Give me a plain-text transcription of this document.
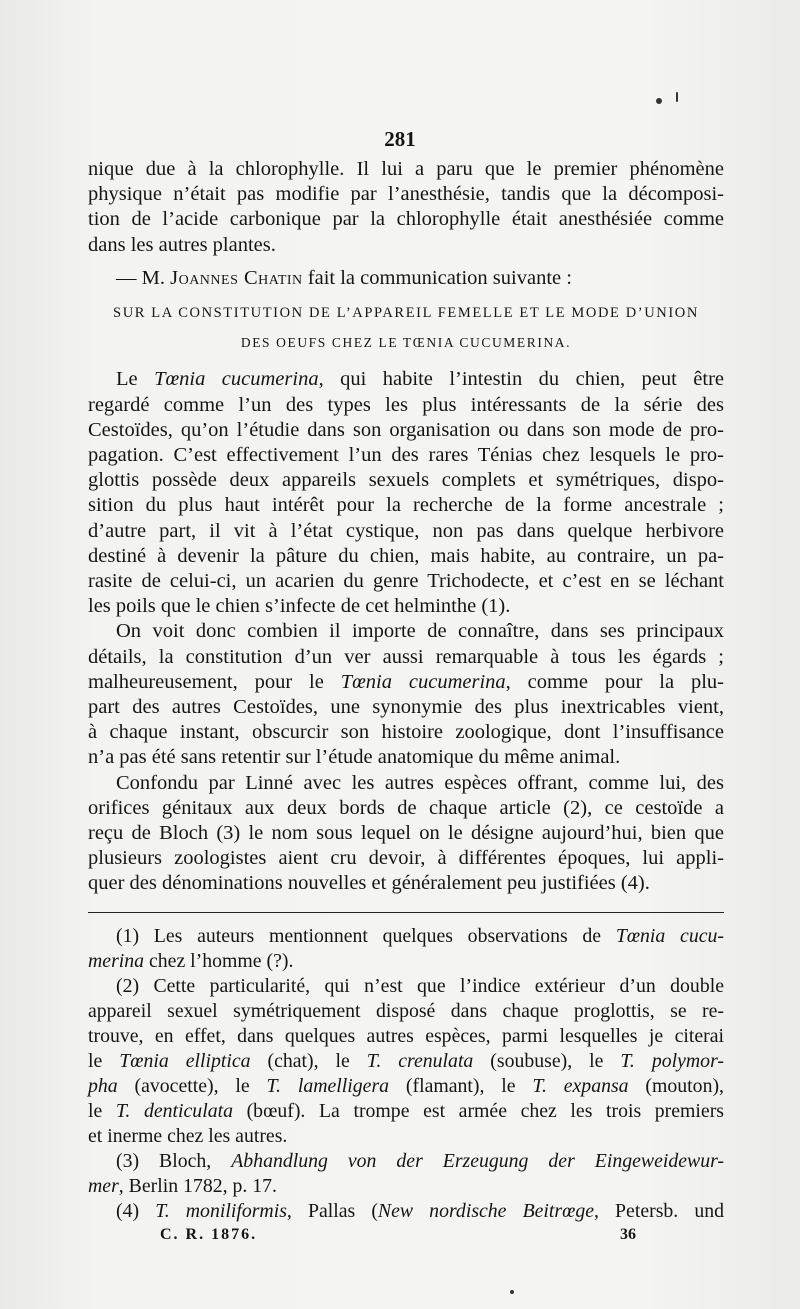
281
nique due à la chlorophylle. Il lui a paru que le premier phénomène
physique n’était pas modifie par l’anesthésie, tandis que la décomposi-
tion de l’acide carbonique par la chlorophylle était anesthésiée comme
dans les autres plantes.
— M. Joannes Chatin fait la communication suivante :
SUR LA CONSTITUTION DE L’APPAREIL FEMELLE ET LE MODE D’UNION
DES OEUFS CHEZ LE TŒNIA CUCUMERINA.
Le Tœnia cucumerina, qui habite l’intestin du chien, peut être
regardé comme l’un des types les plus intéressants de la série des
Cestoïdes, qu’on l’étudie dans son organisation ou dans son mode de pro-
pagation. C’est effectivement l’un des rares Ténias chez lesquels le pro-
glottis possède deux appareils sexuels complets et symétriques, dispo-
sition du plus haut intérêt pour la recherche de la forme ancestrale ;
d’autre part, il vit à l’état cystique, non pas dans quelque herbivore
destiné à devenir la pâture du chien, mais habite, au contraire, un pa-
rasite de celui-ci, un acarien du genre Trichodecte, et c’est en se léchant
les poils que le chien s’infecte de cet helminthe (1).
On voit donc combien il importe de connaître, dans ses principaux
détails, la constitution d’un ver aussi remarquable à tous les égards ;
malheureusement, pour le Tœnia cucumerina, comme pour la plu-
part des autres Cestoïdes, une synonymie des plus inextricables vient,
à chaque instant, obscurcir son histoire zoologique, dont l’insuffisance
n’a pas été sans retentir sur l’étude anatomique du même animal.
Confondu par Linné avec les autres espèces offrant, comme lui, des
orifices génitaux aux deux bords de chaque article (2), ce cestoïde a
reçu de Bloch (3) le nom sous lequel on le désigne aujourd’hui, bien que
plusieurs zoologistes aient cru devoir, à différentes époques, lui appli-
quer des dénominations nouvelles et généralement peu justifiées (4).
(1) Les auteurs mentionnent quelques observations de Tœnia cucu-
merina chez l’homme (?).
(2) Cette particularité, qui n’est que l’indice extérieur d’un double
appareil sexuel symétriquement disposé dans chaque proglottis, se re-
trouve, en effet, dans quelques autres espèces, parmi lesquelles je citerai
le Tœnia elliptica (chat), le T. crenulata (soubuse), le T. polymor-
pha (avocette), le T. lamelligera (flamant), le T. expansa (mouton),
le T. denticulata (bœuf). La trompe est armée chez les trois premiers
et inerme chez les autres.
(3) Bloch, Abhandlung von der Erzeugung der Eingeweidewur-
mer, Berlin 1782, p. 17.
(4) T. moniliformis, Pallas (New nordische Beitrœge, Petersb. und
C. R. 1876.	36
